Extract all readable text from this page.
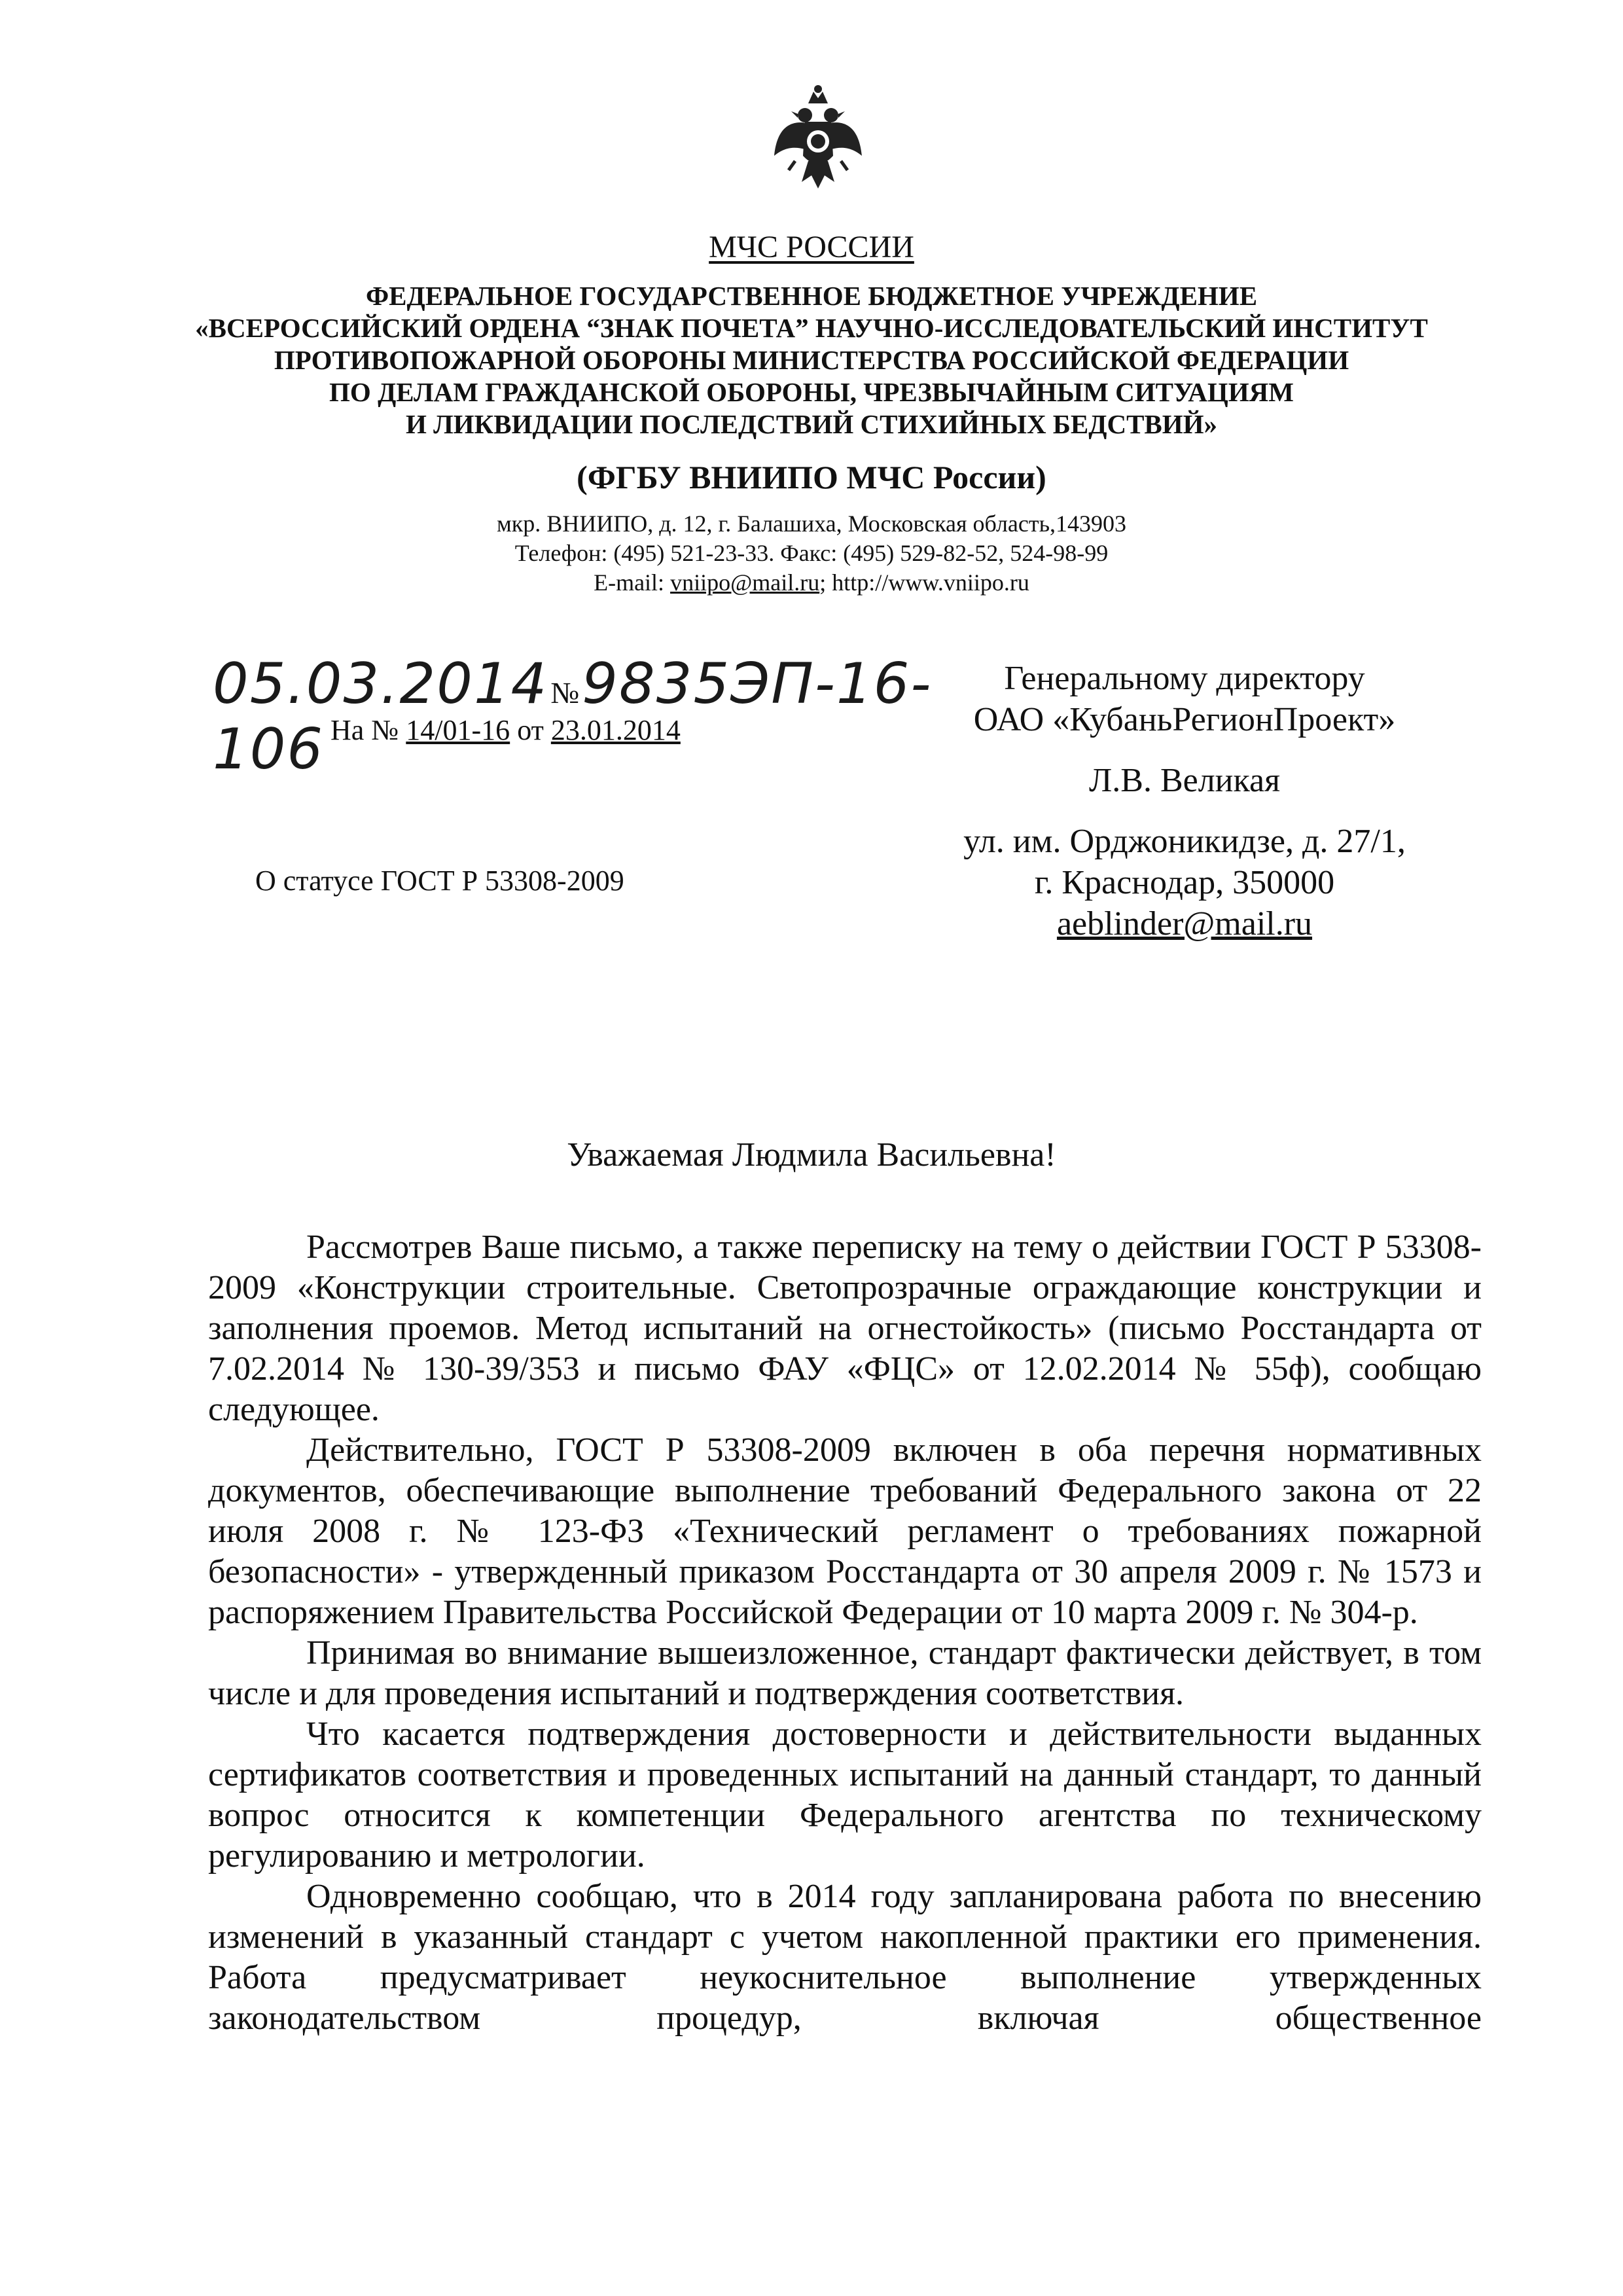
МЧС РОССИИ
ФЕДЕРАЛЬНОЕ ГОСУДАРСТВЕННОЕ БЮДЖЕТНОЕ УЧРЕЖДЕНИЕ
«ВСЕРОССИЙСКИЙ ОРДЕНА “ЗНАК ПОЧЕТА” НАУЧНО-ИССЛЕДОВАТЕЛЬСКИЙ ИНСТИТУТ
ПРОТИВОПОЖАРНОЙ ОБОРОНЫ МИНИСТЕРСТВА РОССИЙСКОЙ ФЕДЕРАЦИИ
ПО ДЕЛАМ ГРАЖДАНСКОЙ ОБОРОНЫ, ЧРЕЗВЫЧАЙНЫМ СИТУАЦИЯМ
И ЛИКВИДАЦИИ ПОСЛЕДСТВИЙ СТИХИЙНЫХ БЕДСТВИЙ»
(ФГБУ ВНИИПО МЧС России)
мкр. ВНИИПО, д. 12, г. Балашиха, Московская область,143903
Телефон: (495) 521-23-33. Факс: (495) 529-82-52, 524-98-99
E-mail: vniipo@mail.ru; http://www.vniipo.ru
05.03.2014 № 9835ЭП-16-106 На № 14/01-16 от 23.01.2014
О статусе ГОСТ Р 53308-2009
Генеральному директору
ОАО «КубаньРегионПроект»
Л.В. Великая
ул. им. Орджоникидзе, д. 27/1,
г. Краснодар, 350000
aeblinder@mail.ru
Уважаемая Людмила Васильевна!

Рассмотрев Ваше письмо, а также переписку на тему о действии ГОСТ Р 53308-2009 «Конструкции строительные. Светопрозрачные ограждающие конструкции и заполнения проемов. Метод испытаний на огнестойкость» (письмо Росстандарта от 7.02.2014 № 130-39/353 и письмо ФАУ «ФЦС» от 12.02.2014 № 55ф), сообщаю следующее.

Действительно, ГОСТ Р 53308-2009 включен в оба перечня нормативных документов, обеспечивающие выполнение требований Федерального закона от 22 июля 2008 г. № 123-ФЗ «Технический регламент о требованиях пожарной безопасности» - утвержденный приказом Росстандарта от 30 апреля 2009 г. № 1573 и распоряжением Правительства Российской Федерации от 10 марта 2009 г. № 304-р.

Принимая во внимание вышеизложенное, стандарт фактически действует, в том числе и для проведения испытаний и подтверждения соответствия.

Что касается подтверждения достоверности и действительности выданных сертификатов соответствия и проведенных испытаний на данный стандарт, то данный вопрос относится к компетенции Федерального агентства по техническому регулированию и метрологии.

Одновременно сообщаю, что в 2014 году запланирована работа по внесению изменений в указанный стандарт с учетом накопленной практики его применения. Работа предусматривает неукоснительное выполнение утвержденных законодательством процедур, включая общественное
